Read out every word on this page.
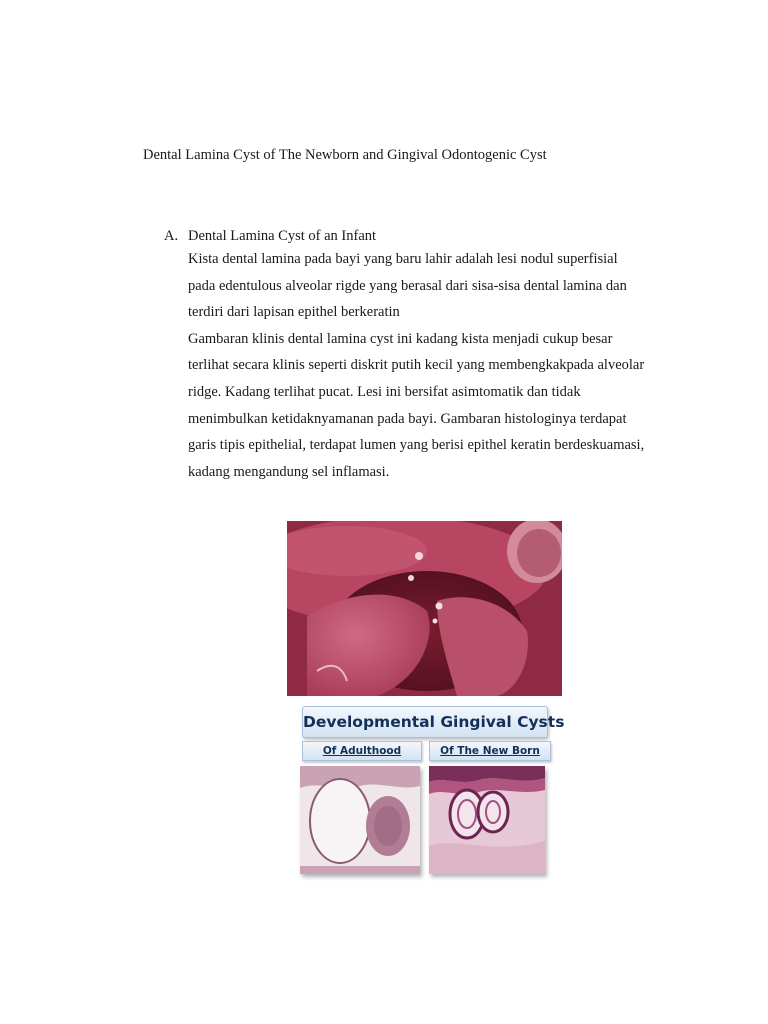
Dental Lamina Cyst of The Newborn and Gingival Odontogenic Cyst
A. Dental Lamina Cyst of an Infant
Kista dental lamina pada bayi yang baru lahir adalah lesi nodul superfisial
pada edentulous alveolar rigde yang berasal dari sisa-sisa dental lamina dan
terdiri dari lapisan epithel berkeratin
Gambaran klinis dental lamina cyst ini kadang kista menjadi cukup besar
terlihat secara klinis seperti diskrit putih kecil yang membengkakpada alveolar
ridge. Kadang terlihat pucat. Lesi ini bersifat asimtomatik dan tidak
menimbulkan ketidaknyamanan pada bayi. Gambaran histologinya terdapat
garis tipis epithelial, terdapat lumen yang berisi epithel keratin berdeskuamasi,
kadang mengandung sel inflamasi.
Developmental Gingival Cysts
Of Adulthood	Of The New Born
